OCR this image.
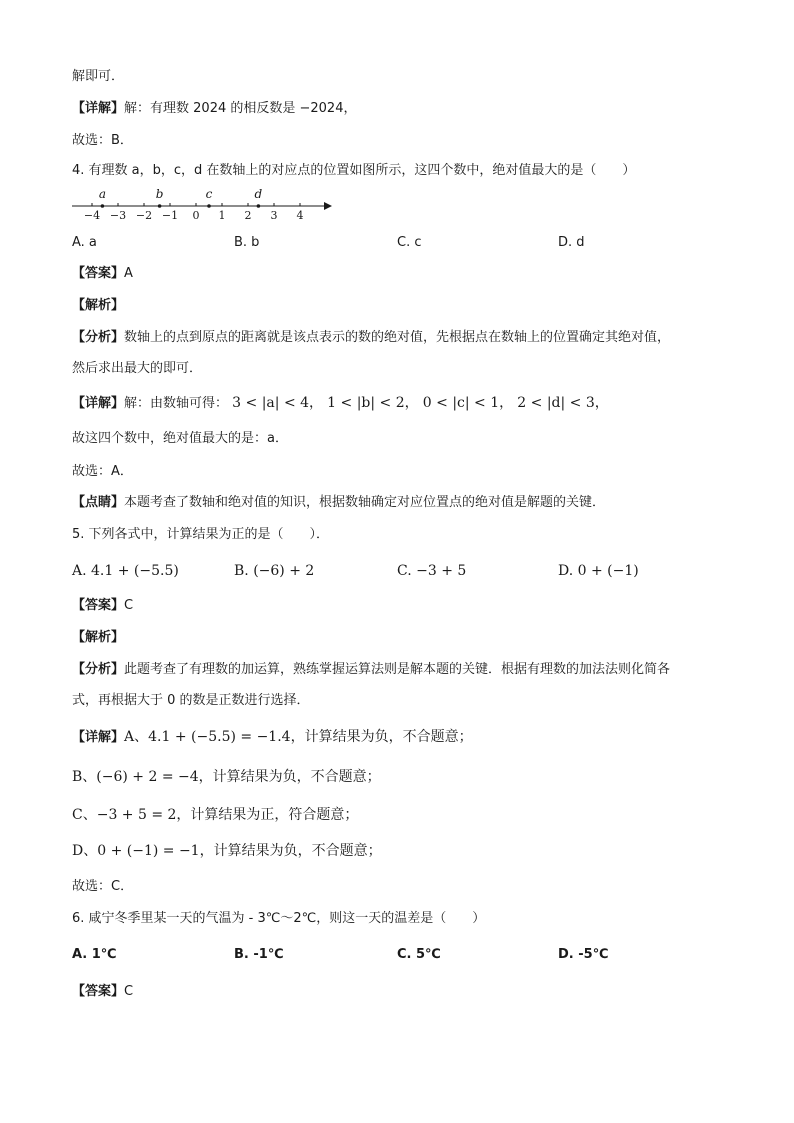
解即可．
【详解】解：有理数 2024 的相反数是 −2024，
故选：B．
4. 有理数 a，b，c，d 在数轴上的对应点的位置如图所示，这四个数中，绝对值最大的是（　　）
−4 −3 −2 −1 0 1 2 3 4
a	b	c	d
A. a	B. b	C. c	D. d
【答案】A
【解析】
【分析】数轴上的点到原点的距离就是该点表示的数的绝对值，先根据点在数轴上的位置确定其绝对值，
然后求出最大的即可．
【详解】解：由数轴可得： 3 < |a| < 4， 1 < |b| < 2， 0 < |c| < 1， 2 < |d| < 3，
故这四个数中，绝对值最大的是：a．
故选：A．
【点睛】本题考查了数轴和绝对值的知识，根据数轴确定对应位置点的绝对值是解题的关键．
5. 下列各式中，计算结果为正的是（　　）．
A. 4.1 + (−5.5)	B. (−6) + 2	C. −3 + 5	D. 0 + (−1)
【答案】C
【解析】
【分析】此题考查了有理数的加运算，熟练掌握运算法则是解本题的关键．根据有理数的加法法则化简各
式，再根据大于 0 的数是正数进行选择．
【详解】A、4.1 + (−5.5) = −1.4，计算结果为负，不合题意；
B、(−6) + 2 = −4，计算结果为负，不合题意；
C、−3 + 5 = 2，计算结果为正，符合题意；
D、0 + (−1) = −1，计算结果为负，不合题意；
故选：C．
6. 咸宁冬季里某一天的气温为 - 3℃～2℃，则这一天的温差是（　　）
A. 1℃	B. -1℃	C. 5℃	D. -5℃
【答案】C
